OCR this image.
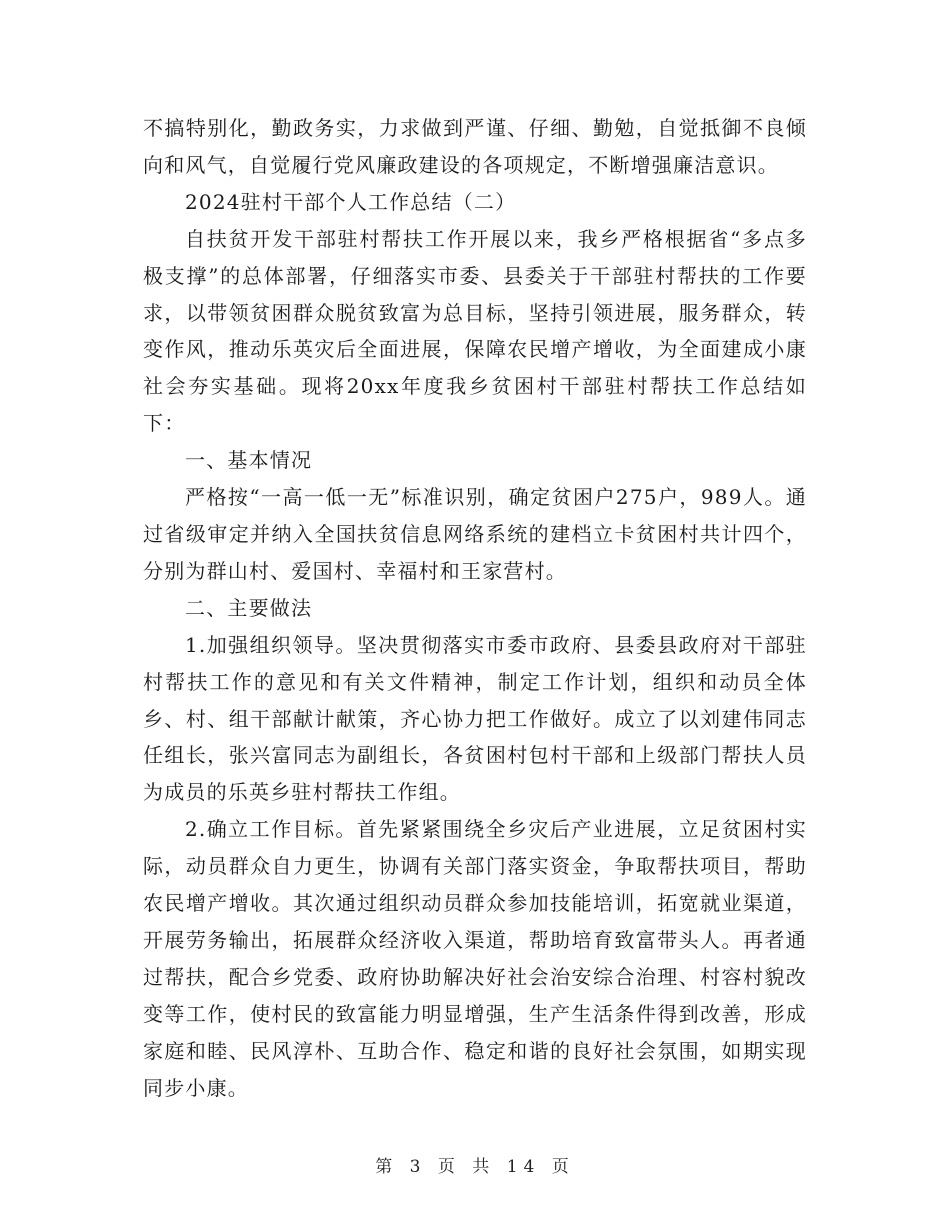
不搞特别化，勤政务实，力求做到严谨、仔细、勤勉，自觉抵御不良倾向和风气，自觉履行党风廉政建设的各项规定，不断增强廉洁意识。

2024驻村干部个人工作总结（二）

自扶贫开发干部驻村帮扶工作开展以来，我乡严格根据省“多点多极支撑”的总体部署，仔细落实市委、县委关于干部驻村帮扶的工作要求，以带领贫困群众脱贫致富为总目标，坚持引领进展，服务群众，转变作风，推动乐英灾后全面进展，保障农民增产增收，为全面建成小康社会夯实基础。现将20xx年度我乡贫困村干部驻村帮扶工作总结如下：

一、基本情况

严格按“一高一低一无”标准识别，确定贫困户275户，989人。通过省级审定并纳入全国扶贫信息网络系统的建档立卡贫困村共计四个，分别为群山村、爱国村、幸福村和王家营村。

二、主要做法

1.加强组织领导。坚决贯彻落实市委市政府、县委县政府对干部驻村帮扶工作的意见和有关文件精神，制定工作计划，组织和动员全体乡、村、组干部献计献策，齐心协力把工作做好。成立了以刘建伟同志任组长，张兴富同志为副组长，各贫困村包村干部和上级部门帮扶人员为成员的乐英乡驻村帮扶工作组。

2.确立工作目标。首先紧紧围绕全乡灾后产业进展，立足贫困村实际，动员群众自力更生，协调有关部门落实资金，争取帮扶项目，帮助农民增产增收。其次通过组织动员群众参加技能培训，拓宽就业渠道，开展劳务输出，拓展群众经济收入渠道，帮助培育致富带头人。再者通过帮扶，配合乡党委、政府协助解决好社会治安综合治理、村容村貌改变等工作，使村民的致富能力明显增强，生产生活条件得到改善，形成家庭和睦、民风淳朴、互助合作、稳定和谐的良好社会氛围，如期实现同步小康。

第 3 页 共 14 页
